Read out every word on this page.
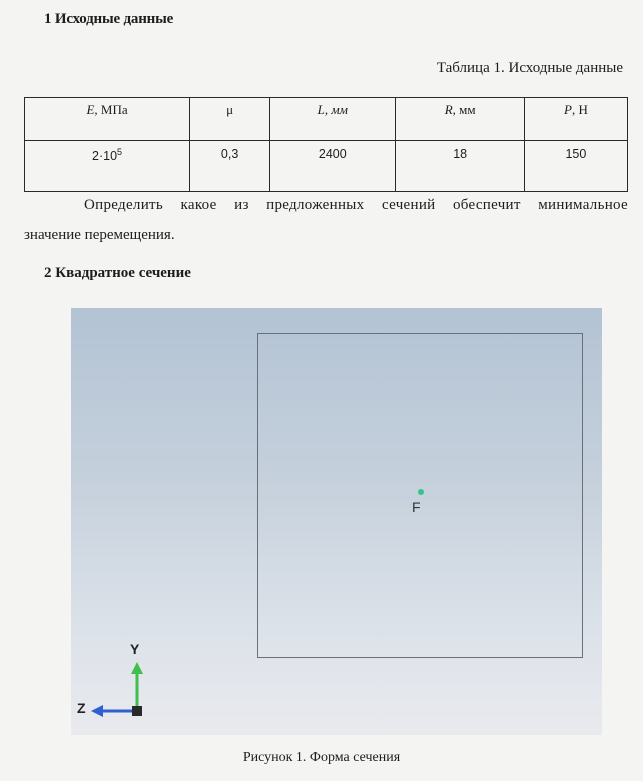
1 Исходные данные
Таблица 1. Исходные данные
E, МПа	μ	L, мм	R, мм	P, Н
$2\cdot 10^5$	0,3	2400	18	150
Определить какое из предложенных сечений обеспечит минимальное
значение перемещения.
2 Квадратное сечение
F
Y
Z
Рисунок 1. Форма сечения
